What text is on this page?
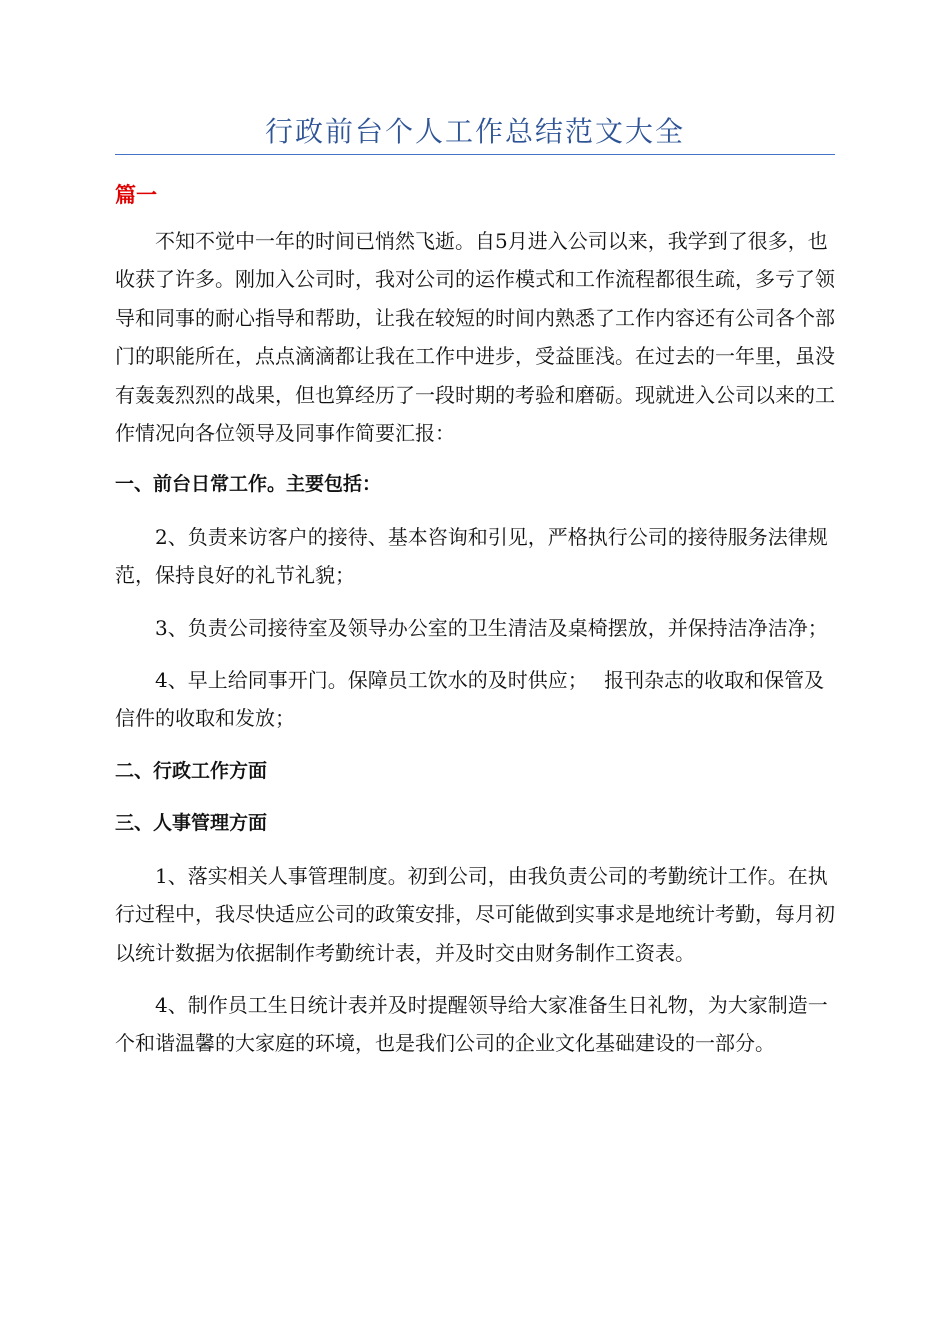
行政前台个人工作总结范文大全
篇一

不知不觉中一年的时间已悄然飞逝。自5月进入公司以来，我学到了很多，也收获了许多。刚加入公司时，我对公司的运作模式和工作流程都很生疏，多亏了领导和同事的耐心指导和帮助，让我在较短的时间内熟悉了工作内容还有公司各个部门的职能所在，点点滴滴都让我在工作中进步，受益匪浅。在过去的一年里，虽没有轰轰烈烈的战果，但也算经历了一段时期的考验和磨砺。现就进入公司以来的工作情况向各位领导及同事作简要汇报：

一、前台日常工作。主要包括：

2、负责来访客户的接待、基本咨询和引见，严格执行公司的接待服务法律规范，保持良好的礼节礼貌；

3、负责公司接待室及领导办公室的卫生清洁及桌椅摆放，并保持洁净洁净；

4、早上给同事开门。保障员工饮水的及时供应；　 报刊杂志的收取和保管及信件的收取和发放；

二、行政工作方面

三、人事管理方面

1、落实相关人事管理制度。初到公司，由我负责公司的考勤统计工作。在执行过程中，我尽快适应公司的政策安排，尽可能做到实事求是地统计考勤，每月初以统计数据为依据制作考勤统计表，并及时交由财务制作工资表。

4、制作员工生日统计表并及时提醒领导给大家准备生日礼物，为大家制造一个和谐温馨的大家庭的环境，也是我们公司的企业文化基础建设的一部分。
